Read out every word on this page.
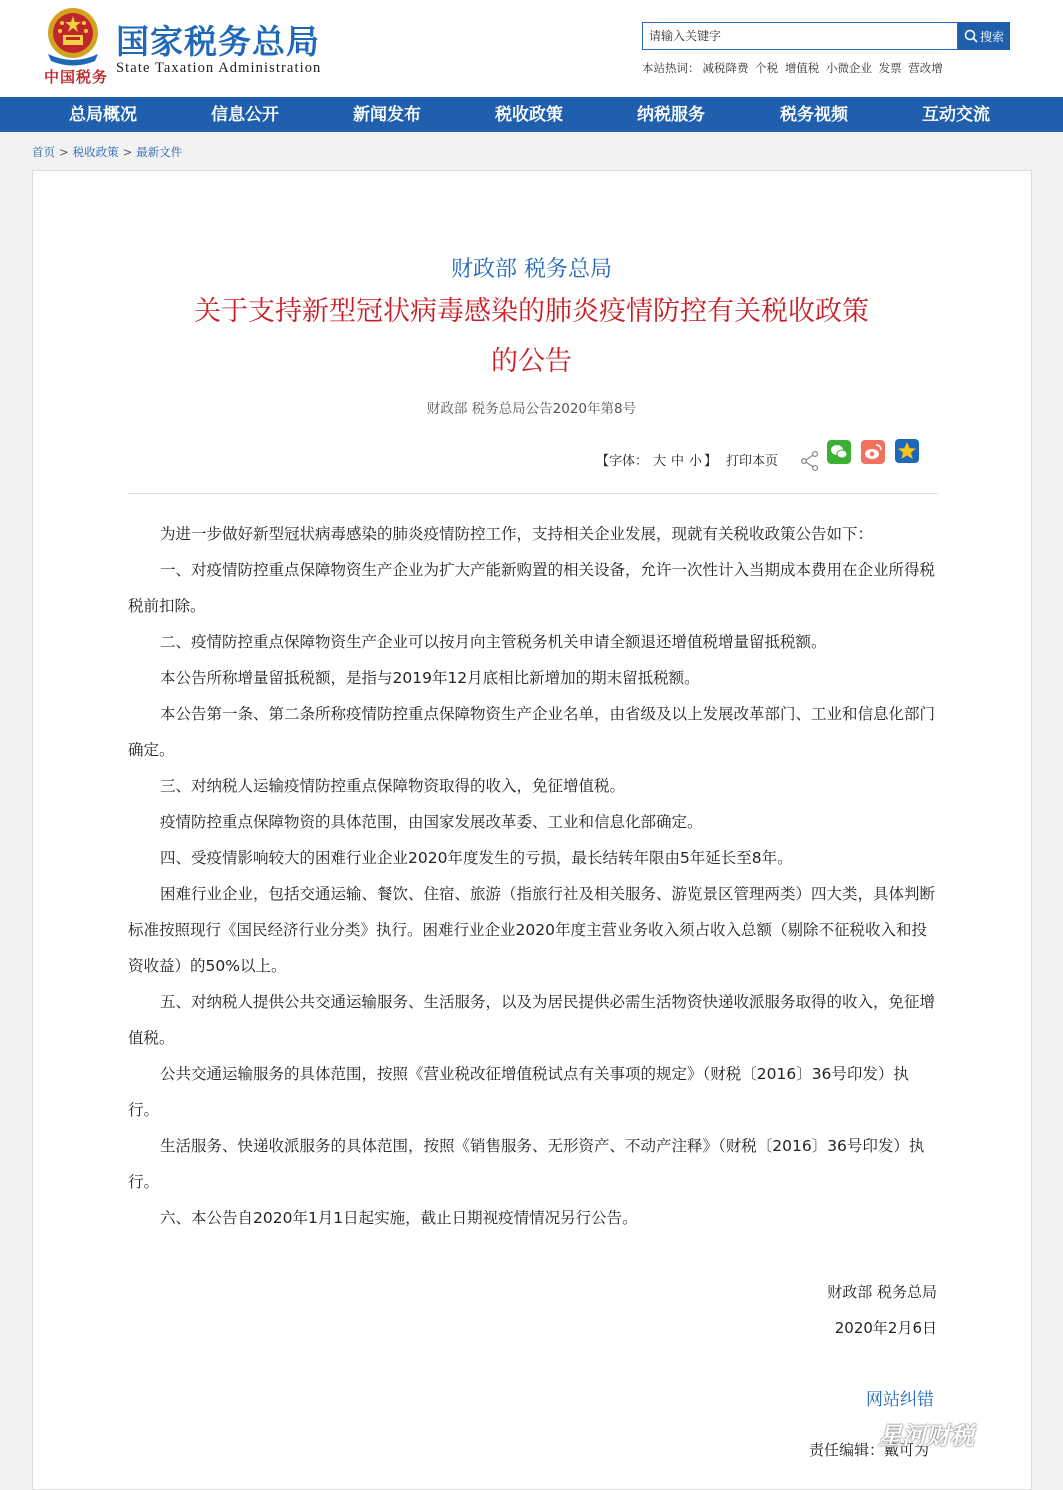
中国税务
国家税务总局
State Taxation Administration
请输入关键字
搜索
本站热词： 减税降费 个税 增值税 小微企业 发票 营改增
总局概况	信息公开	新闻发布	税收政策	纳税服务	税务视频	互动交流
首页 > 税收政策 > 最新文件
财政部 税务总局
关于支持新型冠状病毒感染的肺炎疫情防控有关税收政策
的公告
财政部 税务总局公告2020年第8号
【字体： 大 中 小 】 打印本页

为进一步做好新型冠状病毒感染的肺炎疫情防控工作，支持相关企业发展，现就有关税收政策公告如下：

一、对疫情防控重点保障物资生产企业为扩大产能新购置的相关设备，允许一次性计入当期成本费用在企业所得税税前扣除。

二、疫情防控重点保障物资生产企业可以按月向主管税务机关申请全额退还增值税增量留抵税额。

本公告所称增量留抵税额，是指与2019年12月底相比新增加的期末留抵税额。

本公告第一条、第二条所称疫情防控重点保障物资生产企业名单，由省级及以上发展改革部门、工业和信息化部门确定。

三、对纳税人运输疫情防控重点保障物资取得的收入，免征增值税。

疫情防控重点保障物资的具体范围，由国家发展改革委、工业和信息化部确定。

四、受疫情影响较大的困难行业企业2020年度发生的亏损，最长结转年限由5年延长至8年。

困难行业企业，包括交通运输、餐饮、住宿、旅游（指旅行社及相关服务、游览景区管理两类）四大类，具体判断标准按照现行《国民经济行业分类》执行。困难行业企业2020年度主营业务收入须占收入总额（剔除不征税收入和投资收益）的50%以上。

五、对纳税人提供公共交通运输服务、生活服务，以及为居民提供必需生活物资快递收派服务取得的收入，免征增值税。

公共交通运输服务的具体范围，按照《营业税改征增值税试点有关事项的规定》（财税〔2016〕36号印发）执行。

生活服务、快递收派服务的具体范围，按照《销售服务、无形资产、不动产注释》（财税〔2016〕36号印发）执行。

六、本公告自2020年1月1日起实施，截止日期视疫情情况另行公告。

财政部 税务总局
2020年2月6日
网站纠错
责任编辑：戴可为
星河财税
